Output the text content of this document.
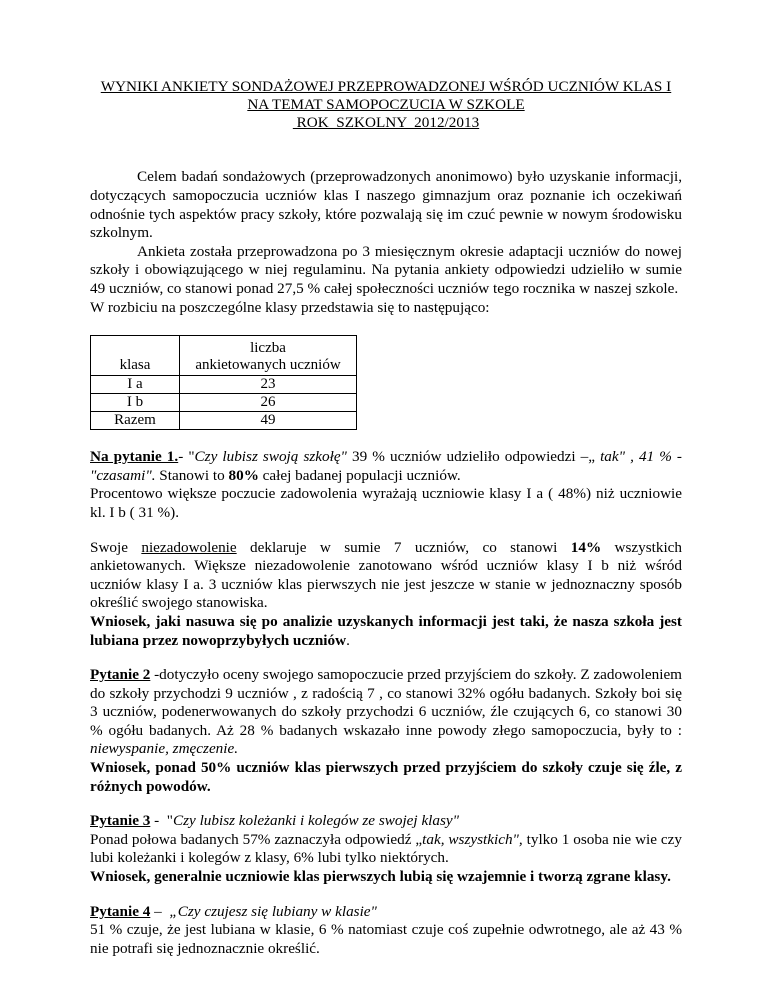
WYNIKI ANKIETY SONDAŻOWEJ PRZEPROWADZONEJ WŚRÓD UCZNIÓW KLAS I
NA TEMAT SAMOPOCZUCIA W SZKOLE
ROK  SZKOLNY  2012/2013

Celem badań sondażowych (przeprowadzonych anonimowo) było uzyskanie informacji, dotyczących samopoczucia uczniów klas I naszego gimnazjum oraz poznanie ich oczekiwań odnośnie tych aspektów pracy szkoły, które pozwalają się im czuć pewnie w nowym środowisku szkolnym.

Ankieta została przeprowadzona po 3 miesięcznym okresie adaptacji uczniów do nowej szkoły i obowiązującego w niej regulaminu. Na pytania ankiety odpowiedzi udzieliło w sumie 49 uczniów, co stanowi ponad 27,5 % całej społeczności uczniów tego rocznika w naszej szkole.

W rozbiciu na poszczególne klasy przedstawia się to następująco:

klasa	liczba
ankietowanych uczniów

I a	23
I b	26
Razem	49

Na pytanie 1.- "Czy lubisz swoją szkołę" 39 % uczniów udzieliło odpowiedzi –„ tak" , 41 % - "czasami". Stanowi to 80% całej badanej populacji uczniów.

Procentowo większe poczucie zadowolenia wyrażają uczniowie klasy I a ( 48%) niż uczniowie kl. I b ( 31 %).

Swoje niezadowolenie deklaruje w sumie 7 uczniów, co stanowi 14% wszystkich ankietowanych. Większe niezadowolenie zanotowano wśród uczniów klasy I b niż wśród uczniów klasy I a. 3 uczniów klas pierwszych nie jest jeszcze w stanie w jednoznaczny sposób określić swojego stanowiska.

Wniosek, jaki nasuwa się po analizie uzyskanych informacji jest taki, że nasza szkoła jest lubiana przez nowoprzybyłych uczniów.

Pytanie 2 -dotyczyło oceny swojego samopoczucie przed przyjściem do szkoły. Z zadowoleniem do szkoły przychodzi 9 uczniów , z radością 7 , co stanowi 32% ogółu badanych. Szkoły boi się 3 uczniów, podenerwowanych do szkoły przychodzi 6 uczniów, źle czujących 6, co stanowi 30 % ogółu badanych. Aż 28 % badanych wskazało inne powody złego samopoczucia, były to : niewyspanie, zmęczenie.

Wniosek, ponad 50% uczniów klas pierwszych przed przyjściem do szkoły czuje się źle, z różnych powodów.

Pytanie 3 -  "Czy lubisz koleżanki i kolegów ze swojej klasy"

Ponad połowa badanych 57% zaznaczyła odpowiedź „tak, wszystkich", tylko 1 osoba nie wie czy lubi koleżanki i kolegów z klasy, 6% lubi tylko niektórych.

Wniosek, generalnie uczniowie klas pierwszych lubią się wzajemnie i tworzą zgrane klasy.

Pytanie 4 –  „Czy czujesz się lubiany w klasie"

51 % czuje, że jest lubiana w klasie, 6 % natomiast czuje coś zupełnie odwrotnego, ale aż 43 % nie potrafi się jednoznacznie określić.
